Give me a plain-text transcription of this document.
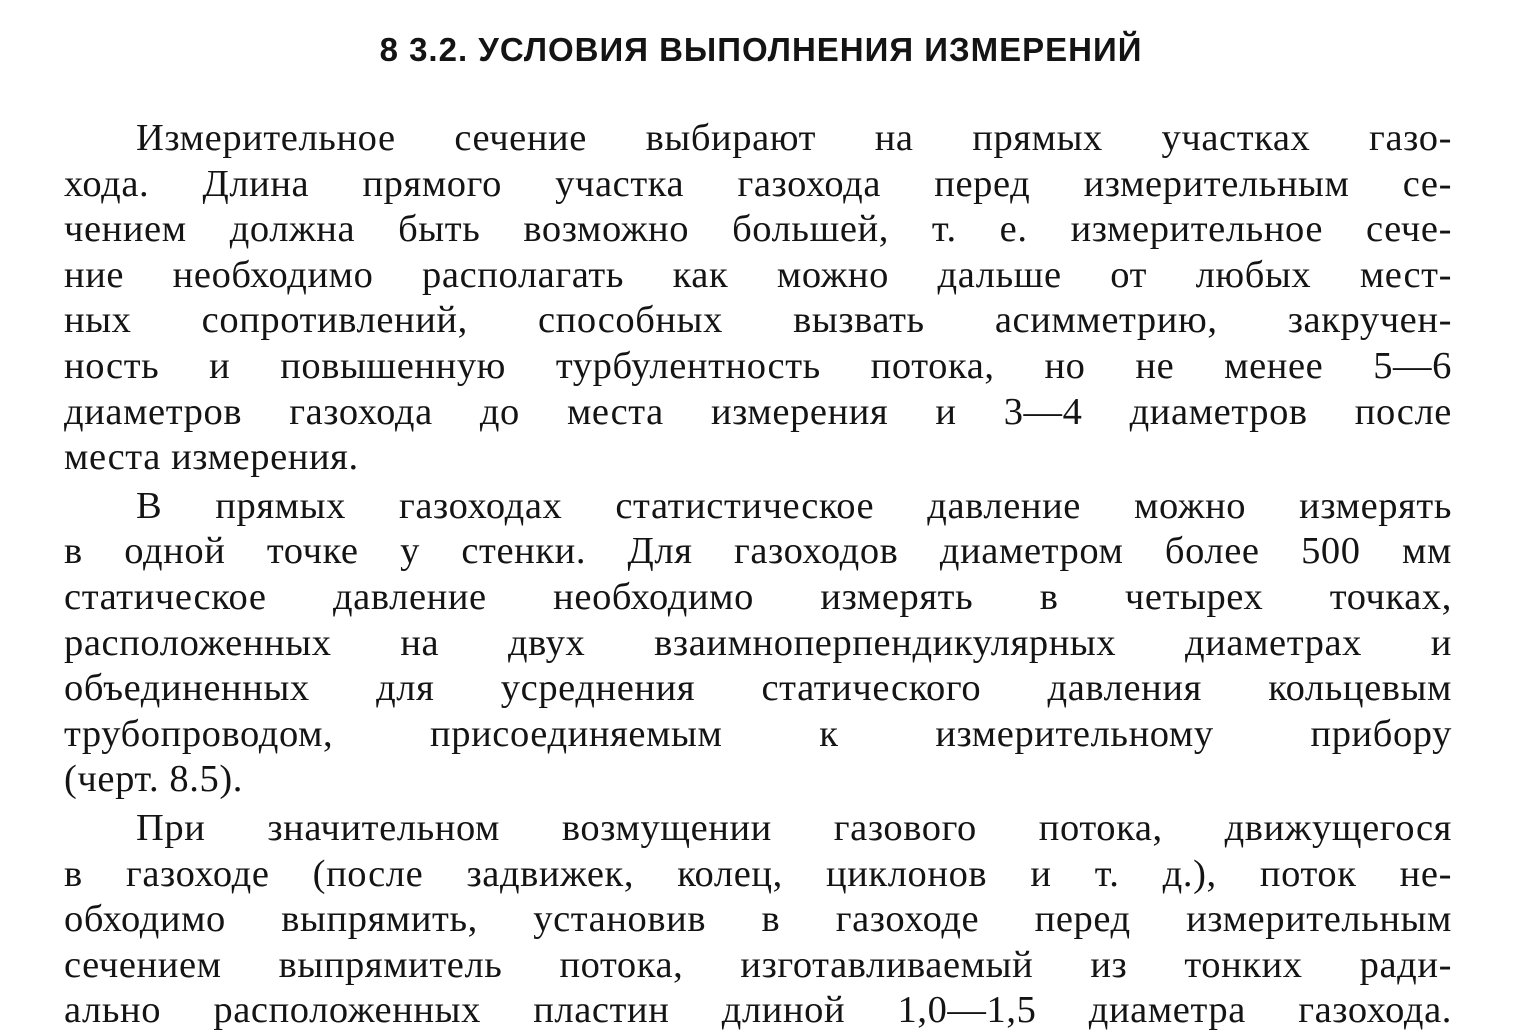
8 3.2. УСЛОВИЯ ВЫПОЛНЕНИЯ ИЗМЕРЕНИЙ
Измерительное сечение выбирают на прямых участках газо-
хода. Длина прямого участка газохода перед измерительным се-
чением должна быть возможно большей, т. е. измерительное сече-
ние необходимо располагать как можно дальше от любых мест-
ных сопротивлений, способных вызвать асимметрию, закручен-
ность и повышенную турбулентность потока, но не менее 5—6
диаметров газохода до места измерения и 3—4 диаметров после
места измерения.
В прямых газоходах статистическое давление можно измерять
в одной точке у стенки. Для газоходов диаметром более 500 мм
статическое давление необходимо измерять в четырех точках,
расположенных на двух взаимноперпендикулярных диаметрах и
объединенных для усреднения статического давления кольцевым
трубопроводом, присоединяемым к измерительному прибору
(черт. 8.5).
При значительном возмущении газового потока, движущегося
в газоходе (после задвижек, колец, циклонов и т. д.), поток не-
обходимо выпрямить, установив в газоходе перед измерительным
сечением выпрямитель потока, изготавливаемый из тонких ради-
ально расположенных пластин длиной 1,0—1,5 диаметра газохода.
